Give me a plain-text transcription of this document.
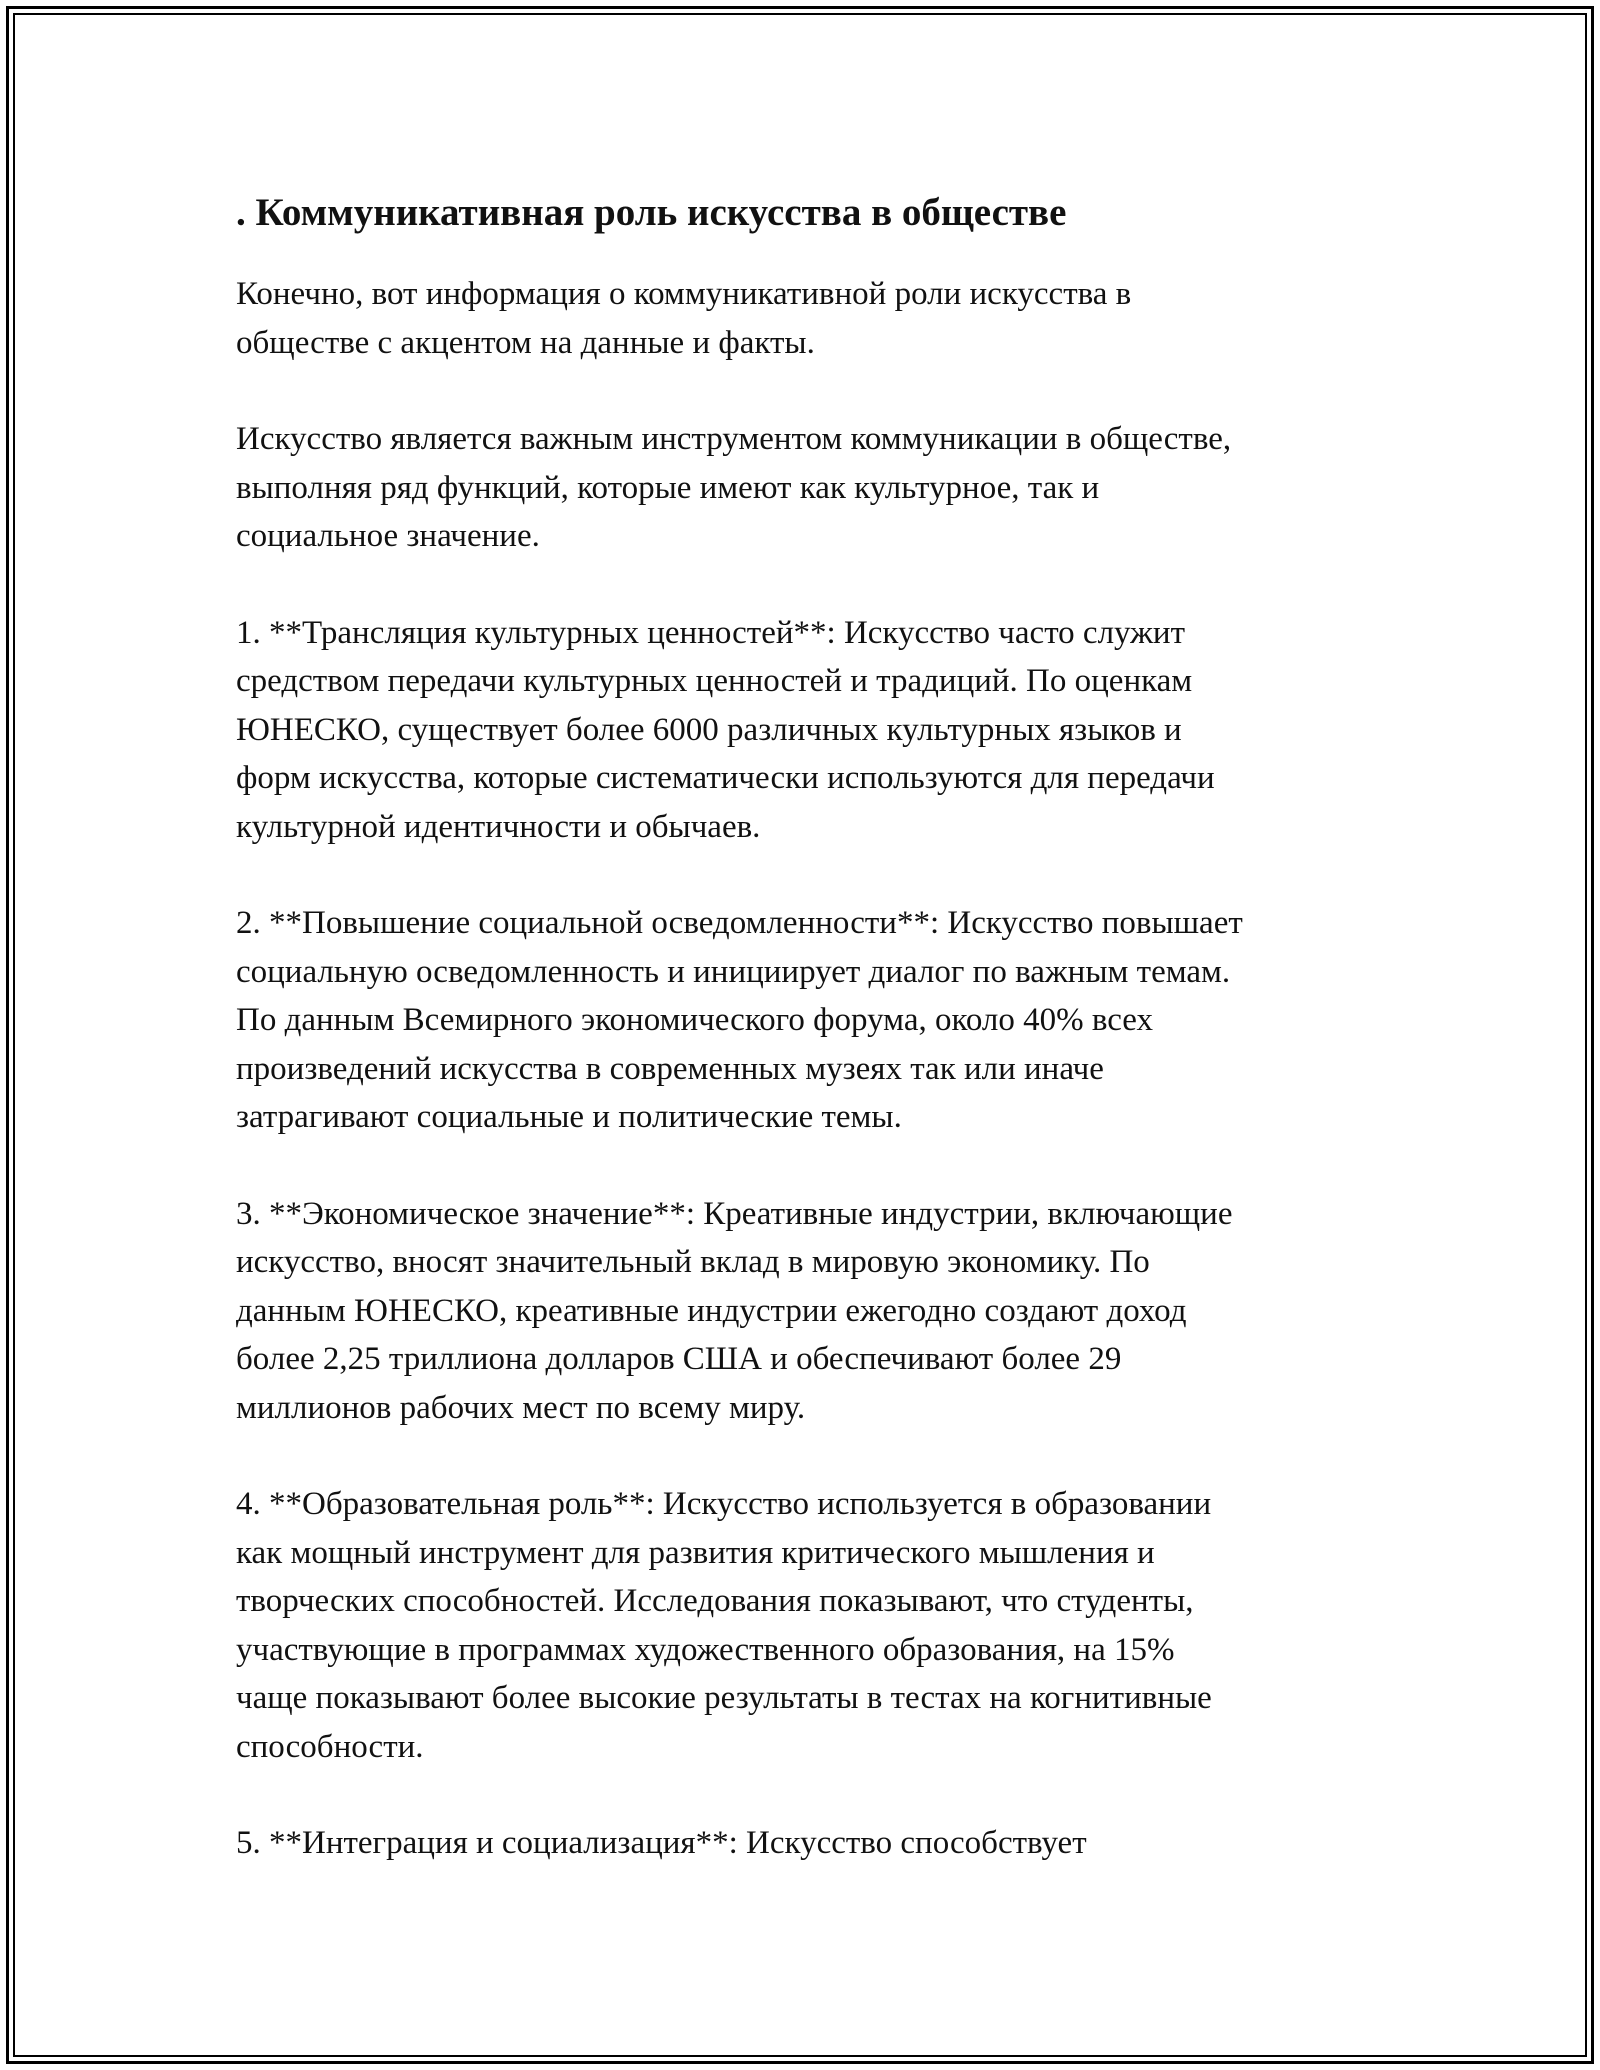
. Коммуникативная роль искусства в обществе

Конечно, вот информация о коммуникативной роли искусства в
обществе с акцентом на данные и факты.

Искусство является важным инструментом коммуникации в обществе,
выполняя ряд функций, которые имеют как культурное, так и
социальное значение.

1. **Трансляция культурных ценностей**: Искусство часто служит
средством передачи культурных ценностей и традиций. По оценкам
ЮНЕСКО, существует более 6000 различных культурных языков и
форм искусства, которые систематически используются для передачи
культурной идентичности и обычаев.

2. **Повышение социальной осведомленности**: Искусство повышает
социальную осведомленность и инициирует диалог по важным темам.
По данным Всемирного экономического форума, около 40% всех
произведений искусства в современных музеях так или иначе
затрагивают социальные и политические темы.

3. **Экономическое значение**: Креативные индустрии, включающие
искусство, вносят значительный вклад в мировую экономику. По
данным ЮНЕСКО, креативные индустрии ежегодно создают доход
более 2,25 триллиона долларов США и обеспечивают более 29
миллионов рабочих мест по всему миру.

4. **Образовательная роль**: Искусство используется в образовании
как мощный инструмент для развития критического мышления и
творческих способностей. Исследования показывают, что студенты,
участвующие в программах художественного образования, на 15%
чаще показывают более высокие результаты в тестах на когнитивные
способности.

5. **Интеграция и социализация**: Искусство способствует
